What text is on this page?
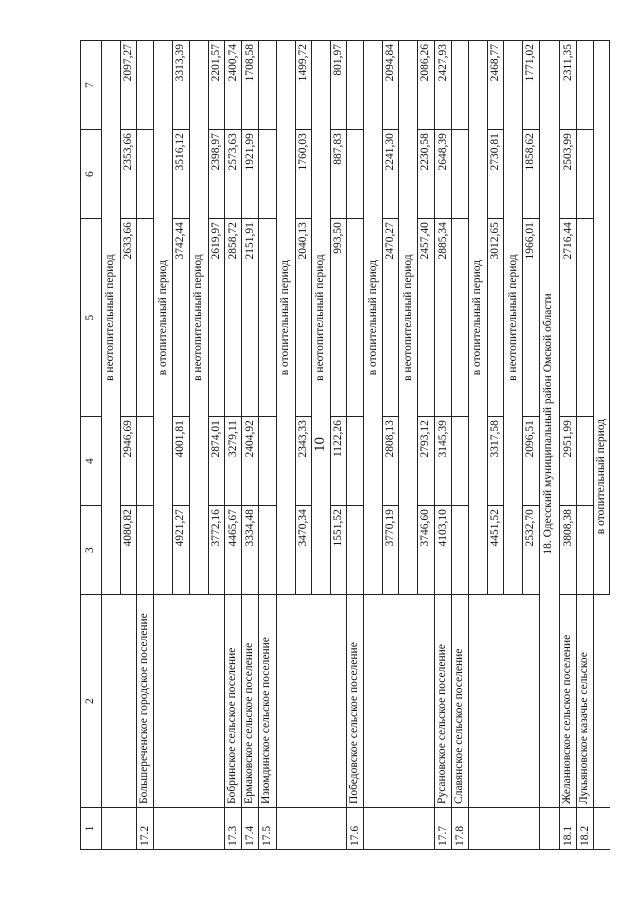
10
1	2	3	4	5	6	7
		в неотопительный период				
		4080,82	2946,69	2633,66	2353,66	2097,27
17.2	Большереченское городское поселение					
		в отопительный период				
		4921,27	4001,81	3742,44	3516,12	3313,39
		в неотопительный период				
		3772,16	2874,01	2619,97	2398,97	2201,57
17.3	Бобринское сельское поселение	4465,67	3279,11	2858,72	2573,63	2400,74
17.4	Ермаковское сельское поселение	3334,48	2404,92	2151,91	1921,99	1708,58
17.5	Изюмдинское сельское поселение					
		в отопительный период				
		3470,34	2343,33	2040,13	1760,03	1499,72
		в неотопительный период				
		1551,52	1122,26	993,50	887,83	801,97
17.6	Победовское сельское поселение					
		в отопительный период				
		3770,19	2808,13	2470,27	2241,30	2094,84
		в неотопительный период				
		3746,60	2793,12	2457,40	2230,58	2086,26
17.7	Русановское сельское поселение	4103,10	3145,39	2885,34	2648,39	2427,93
17.8	Славянское сельское поселение					
		в отопительный период				
		4451,52	3317,58	3012,65	2730,81	2468,77
		в неотопительный период				
		2532,70	2096,51	1966,01	1858,62	1771,02
	18. Одесский муниципальный район Омской области					
18.1	Желанновское сельское поселение	3808,38	2951,99	2716,44	2503,99	2311,35
18.2	Лукьяновское казачье сельское					
		в отопительный период				
